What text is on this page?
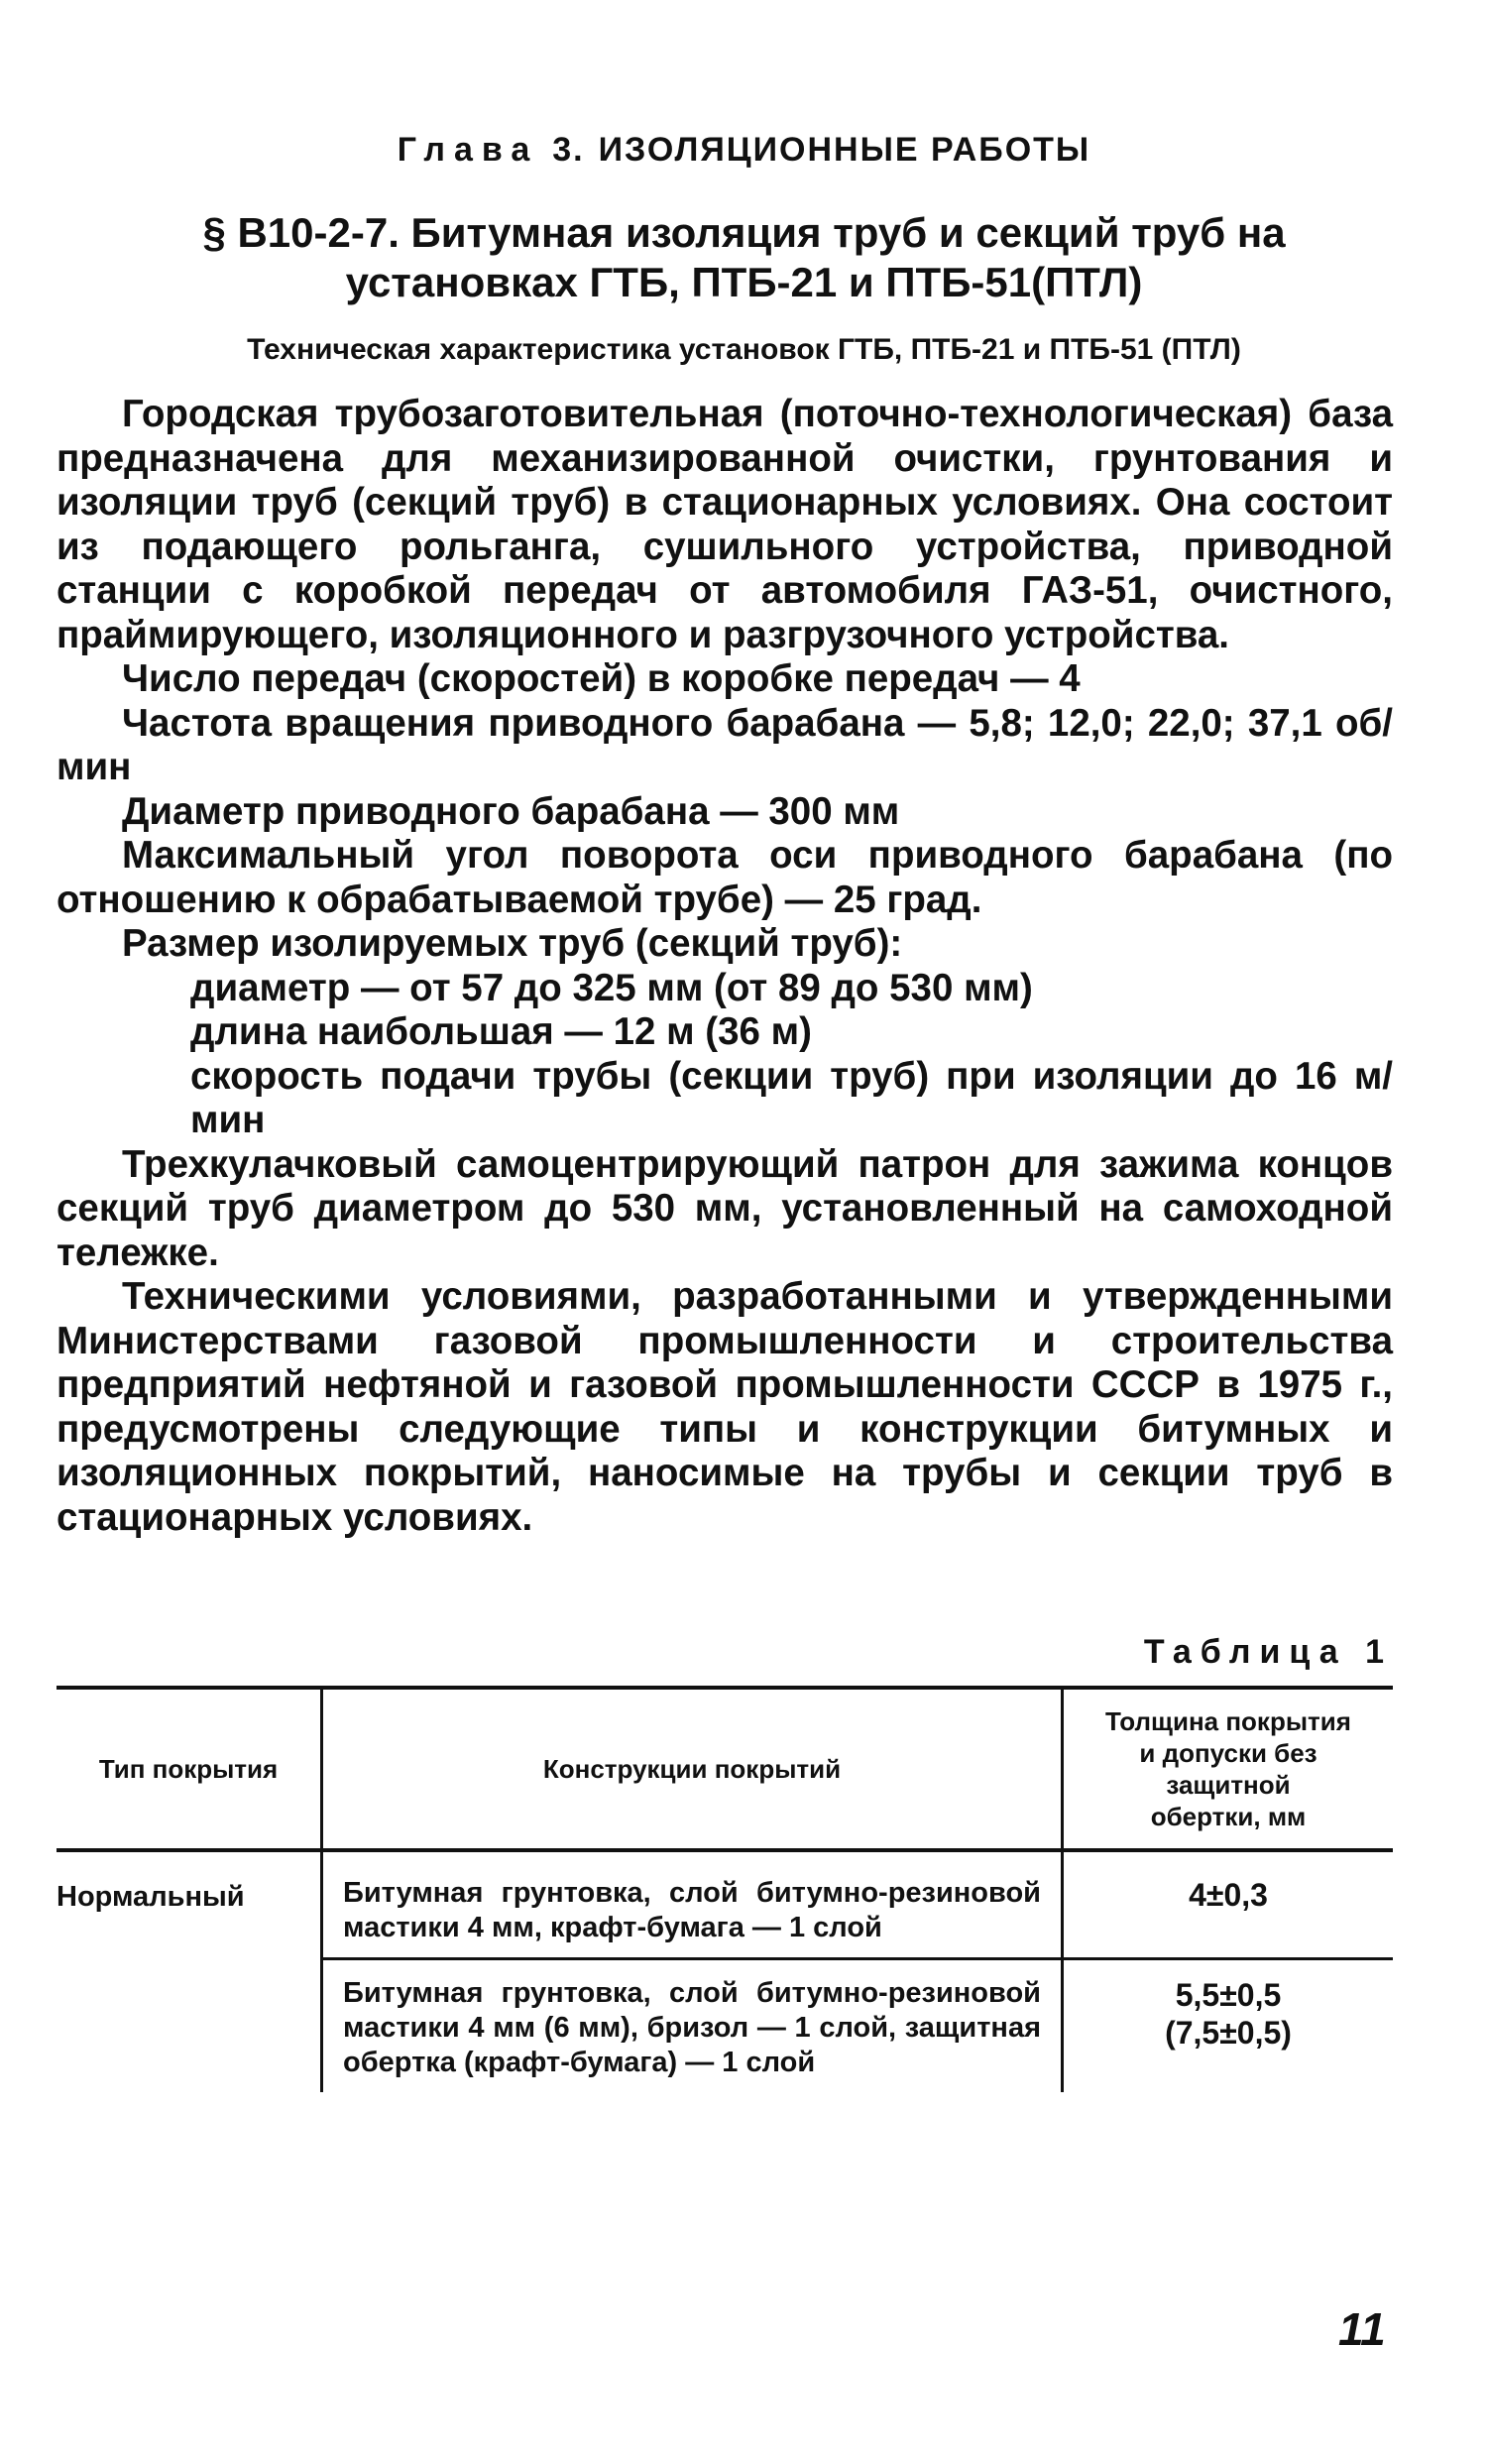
Глава 3. ИЗОЛЯЦИОННЫЕ РАБОТЫ
§ В10-2-7. Битумная изоляция труб и секций труб на
установках ГТБ, ПТБ-21 и ПТБ-51(ПТЛ)
Техническая характеристика установок ГТБ, ПТБ-21 и ПТБ-51 (ПТЛ)

Городская трубозаготовительная (поточно-технологическая) база предназначена для механизированной очистки, грунтования и изоляции труб (секций труб) в стационарных условиях. Она состоит из подающего рольганга, сушильного устройства, приводной станции с коробкой передач от автомобиля ГАЗ-51, очистного, праймирующего, изоляционного и разгрузочного устройства.

Число передач (скоростей) в коробке передач — 4

Частота вращения приводного барабана — 5,8; 12,0; 22,0; 37,1 об/мин

Диаметр приводного барабана — 300 мм

Максимальный угол поворота оси приводного барабана (по отношению к обрабатываемой трубе) — 25 град.

Размер изолируемых труб (секций труб):

диаметр — от 57 до 325 мм (от 89 до 530 мм)

длина наибольшая — 12 м (36 м)

скорость подачи трубы (секции труб) при изоляции до 16 м/мин

Трехкулачковый самоцентрирующий патрон для зажима концов секций труб диаметром до 530 мм, установленный на самоходной тележке.

Техническими условиями, разработанными и утвержденными Министерствами газовой промышленности и строительства предприятий нефтяной и газовой промышленности СССР в 1975 г., предусмотрены следующие типы и конструкции битумных и изоляционных покрытий, наносимые на трубы и секции труб в стационарных условиях.

Таблица 1
Тип покрытия	Конструкции покрытий	Толщина покрытия
и допуски без
защитной
обертки, мм

Нормальный	Битумная грунтовка, слой битумно-резиновой мастики 4 мм, крафт-бумага — 1 слой	4±0,3

	Битумная грунтовка, слой битумно-резиновой мастики 4 мм (6 мм), бризол — 1 слой, защитная обертка (крафт-бумага) — 1 слой	5,5±0,5
(7,5±0,5)
11
